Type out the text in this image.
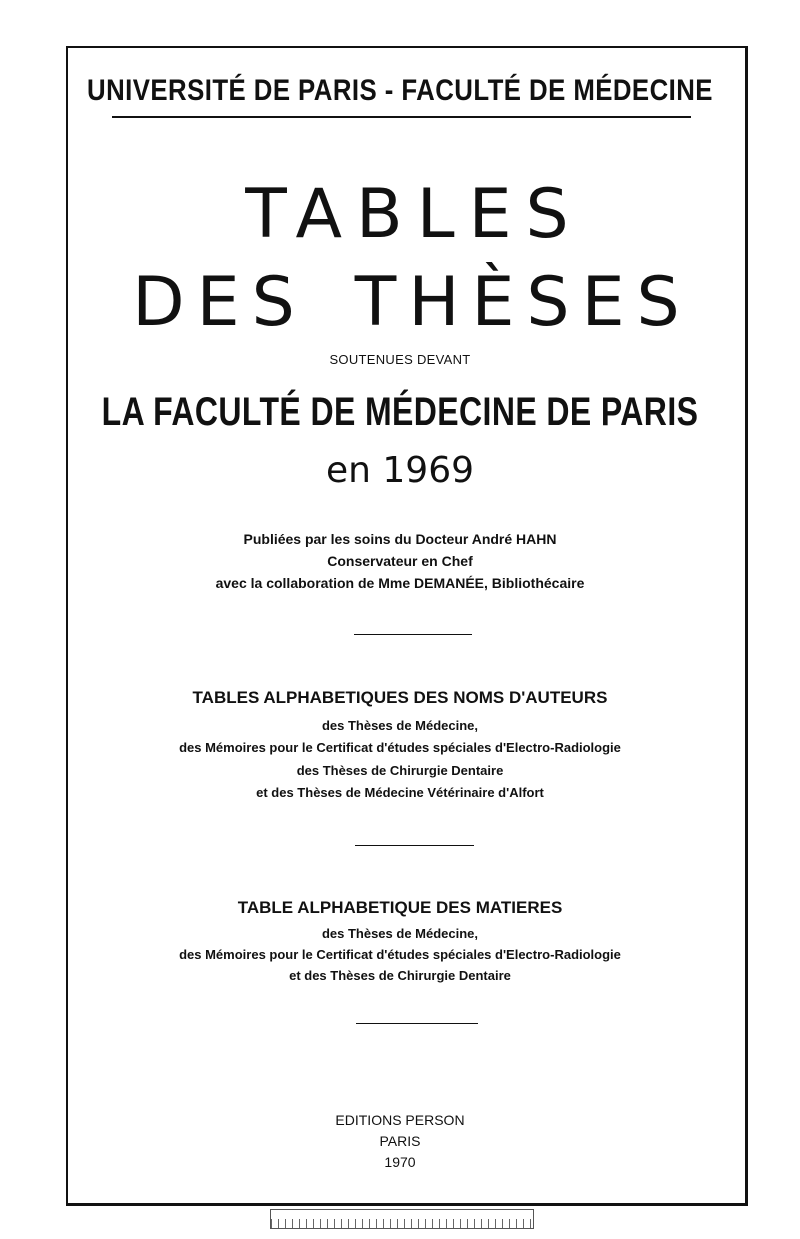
UNIVERSITÉ DE PARIS - FACULTÉ DE MÉDECINE
TABLES
DES THÈSES
SOUTENUES DEVANT
LA FACULTÉ DE MÉDECINE DE PARIS
en 1969
Publiées par les soins du Docteur André HAHN
Conservateur en Chef
avec la collaboration de Mme DEMANÉE, Bibliothécaire
TABLES ALPHABETIQUES DES NOMS D'AUTEURS
des Thèses de Médecine,
des Mémoires pour le Certificat d'études spéciales d'Electro-Radiologie
des Thèses de Chirurgie Dentaire
et des Thèses de Médecine Vétérinaire d'Alfort
TABLE ALPHABETIQUE DES MATIERES
des Thèses de Médecine,
des Mémoires pour le Certificat d'études spéciales d'Electro-Radiologie
et des Thèses de Chirurgie Dentaire
EDITIONS PERSON
PARIS
1970
